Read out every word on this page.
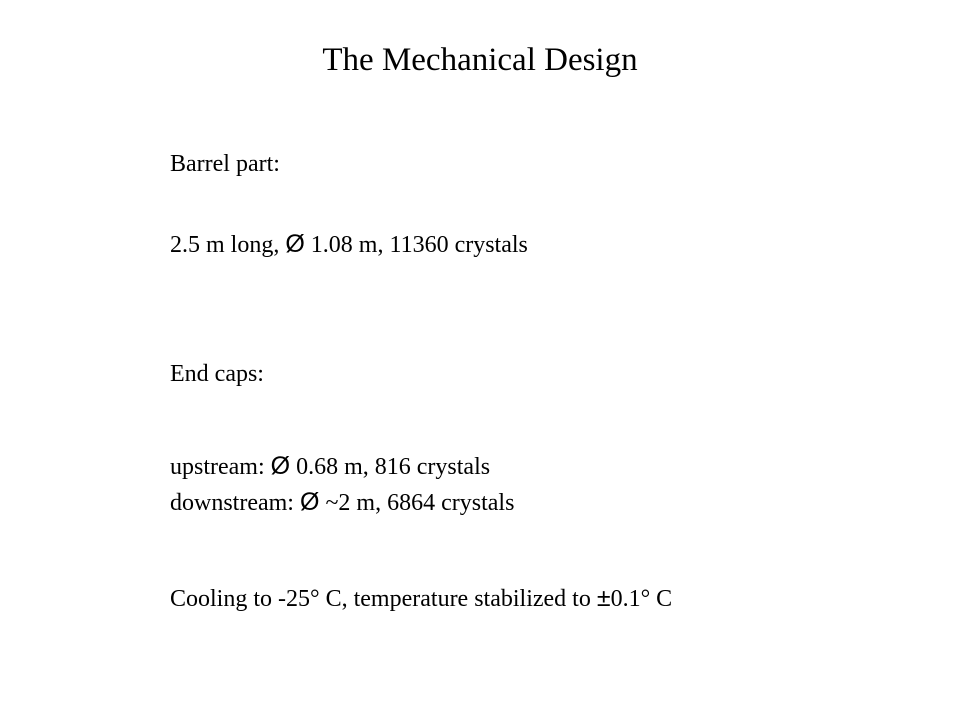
The Mechanical Design
Barrel part:
2.5 m long, Ø 1.08 m, 11360 crystals
End caps:
upstream: Ø 0.68 m, 816 crystals
downstream: Ø ~2 m, 6864 crystals
Cooling to -25° C, temperature stabilized to ±0.1° C
